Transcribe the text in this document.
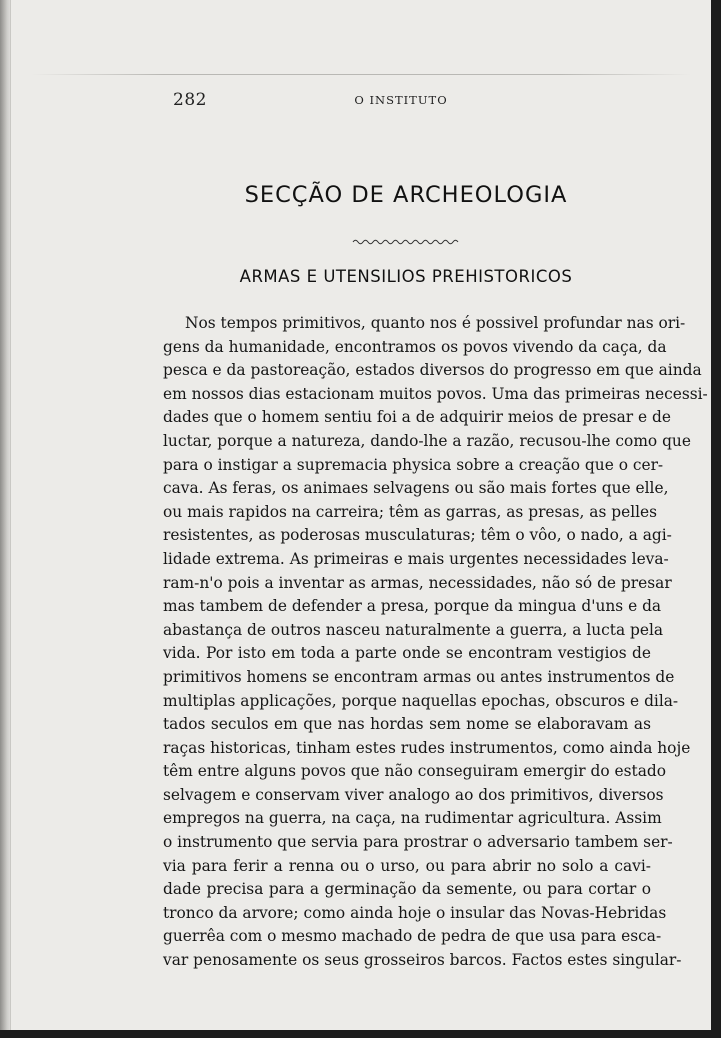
282	O INSTITUTO
SECÇÃO DE ARCHEOLOGIA
ARMAS E UTENSILIOS PREHISTORICOS
Nos tempos primitivos, quanto nos é possivel profundar nas ori-
gens da humanidade, encontramos os povos vivendo da caça, da
pesca e da pastoreação, estados diversos do progresso em que ainda
em nossos dias estacionam muitos povos. Uma das primeiras necessi-
dades que o homem sentiu foi a de adquirir meios de presar e de
luctar, porque a natureza, dando-lhe a razão, recusou-lhe como que
para o instigar a supremacia physica sobre a creação que o cer-
cava. As feras, os animaes selvagens ou são mais fortes que elle,
ou mais rapidos na carreira; têm as garras, as presas, as pelles
resistentes, as poderosas musculaturas; têm o vôo, o nado, a agi-
lidade extrema. As primeiras e mais urgentes necessidades leva-
ram-n'o pois a inventar as armas, necessidades, não só de presar
mas tambem de defender a presa, porque da mingua d'uns e da
abastança de outros nasceu naturalmente a guerra, a lucta pela
vida. Por isto em toda a parte onde se encontram vestigios de
primitivos homens se encontram armas ou antes instrumentos de
multiplas applicações, porque naquellas epochas, obscuros e dila-
tados seculos em que nas hordas sem nome se elaboravam as
raças historicas, tinham estes rudes instrumentos, como ainda hoje
têm entre alguns povos que não conseguiram emergir do estado
selvagem e conservam viver analogo ao dos primitivos, diversos
empregos na guerra, na caça, na rudimentar agricultura. Assim
o instrumento que servia para prostrar o adversario tambem ser-
via para ferir a renna ou o urso, ou para abrir no solo a cavi-
dade precisa para a germinação da semente, ou para cortar o
tronco da arvore; como ainda hoje o insular das Novas-Hebridas
guerrêa com o mesmo machado de pedra de que usa para esca-
var penosamente os seus grosseiros barcos. Factos estes singular-
